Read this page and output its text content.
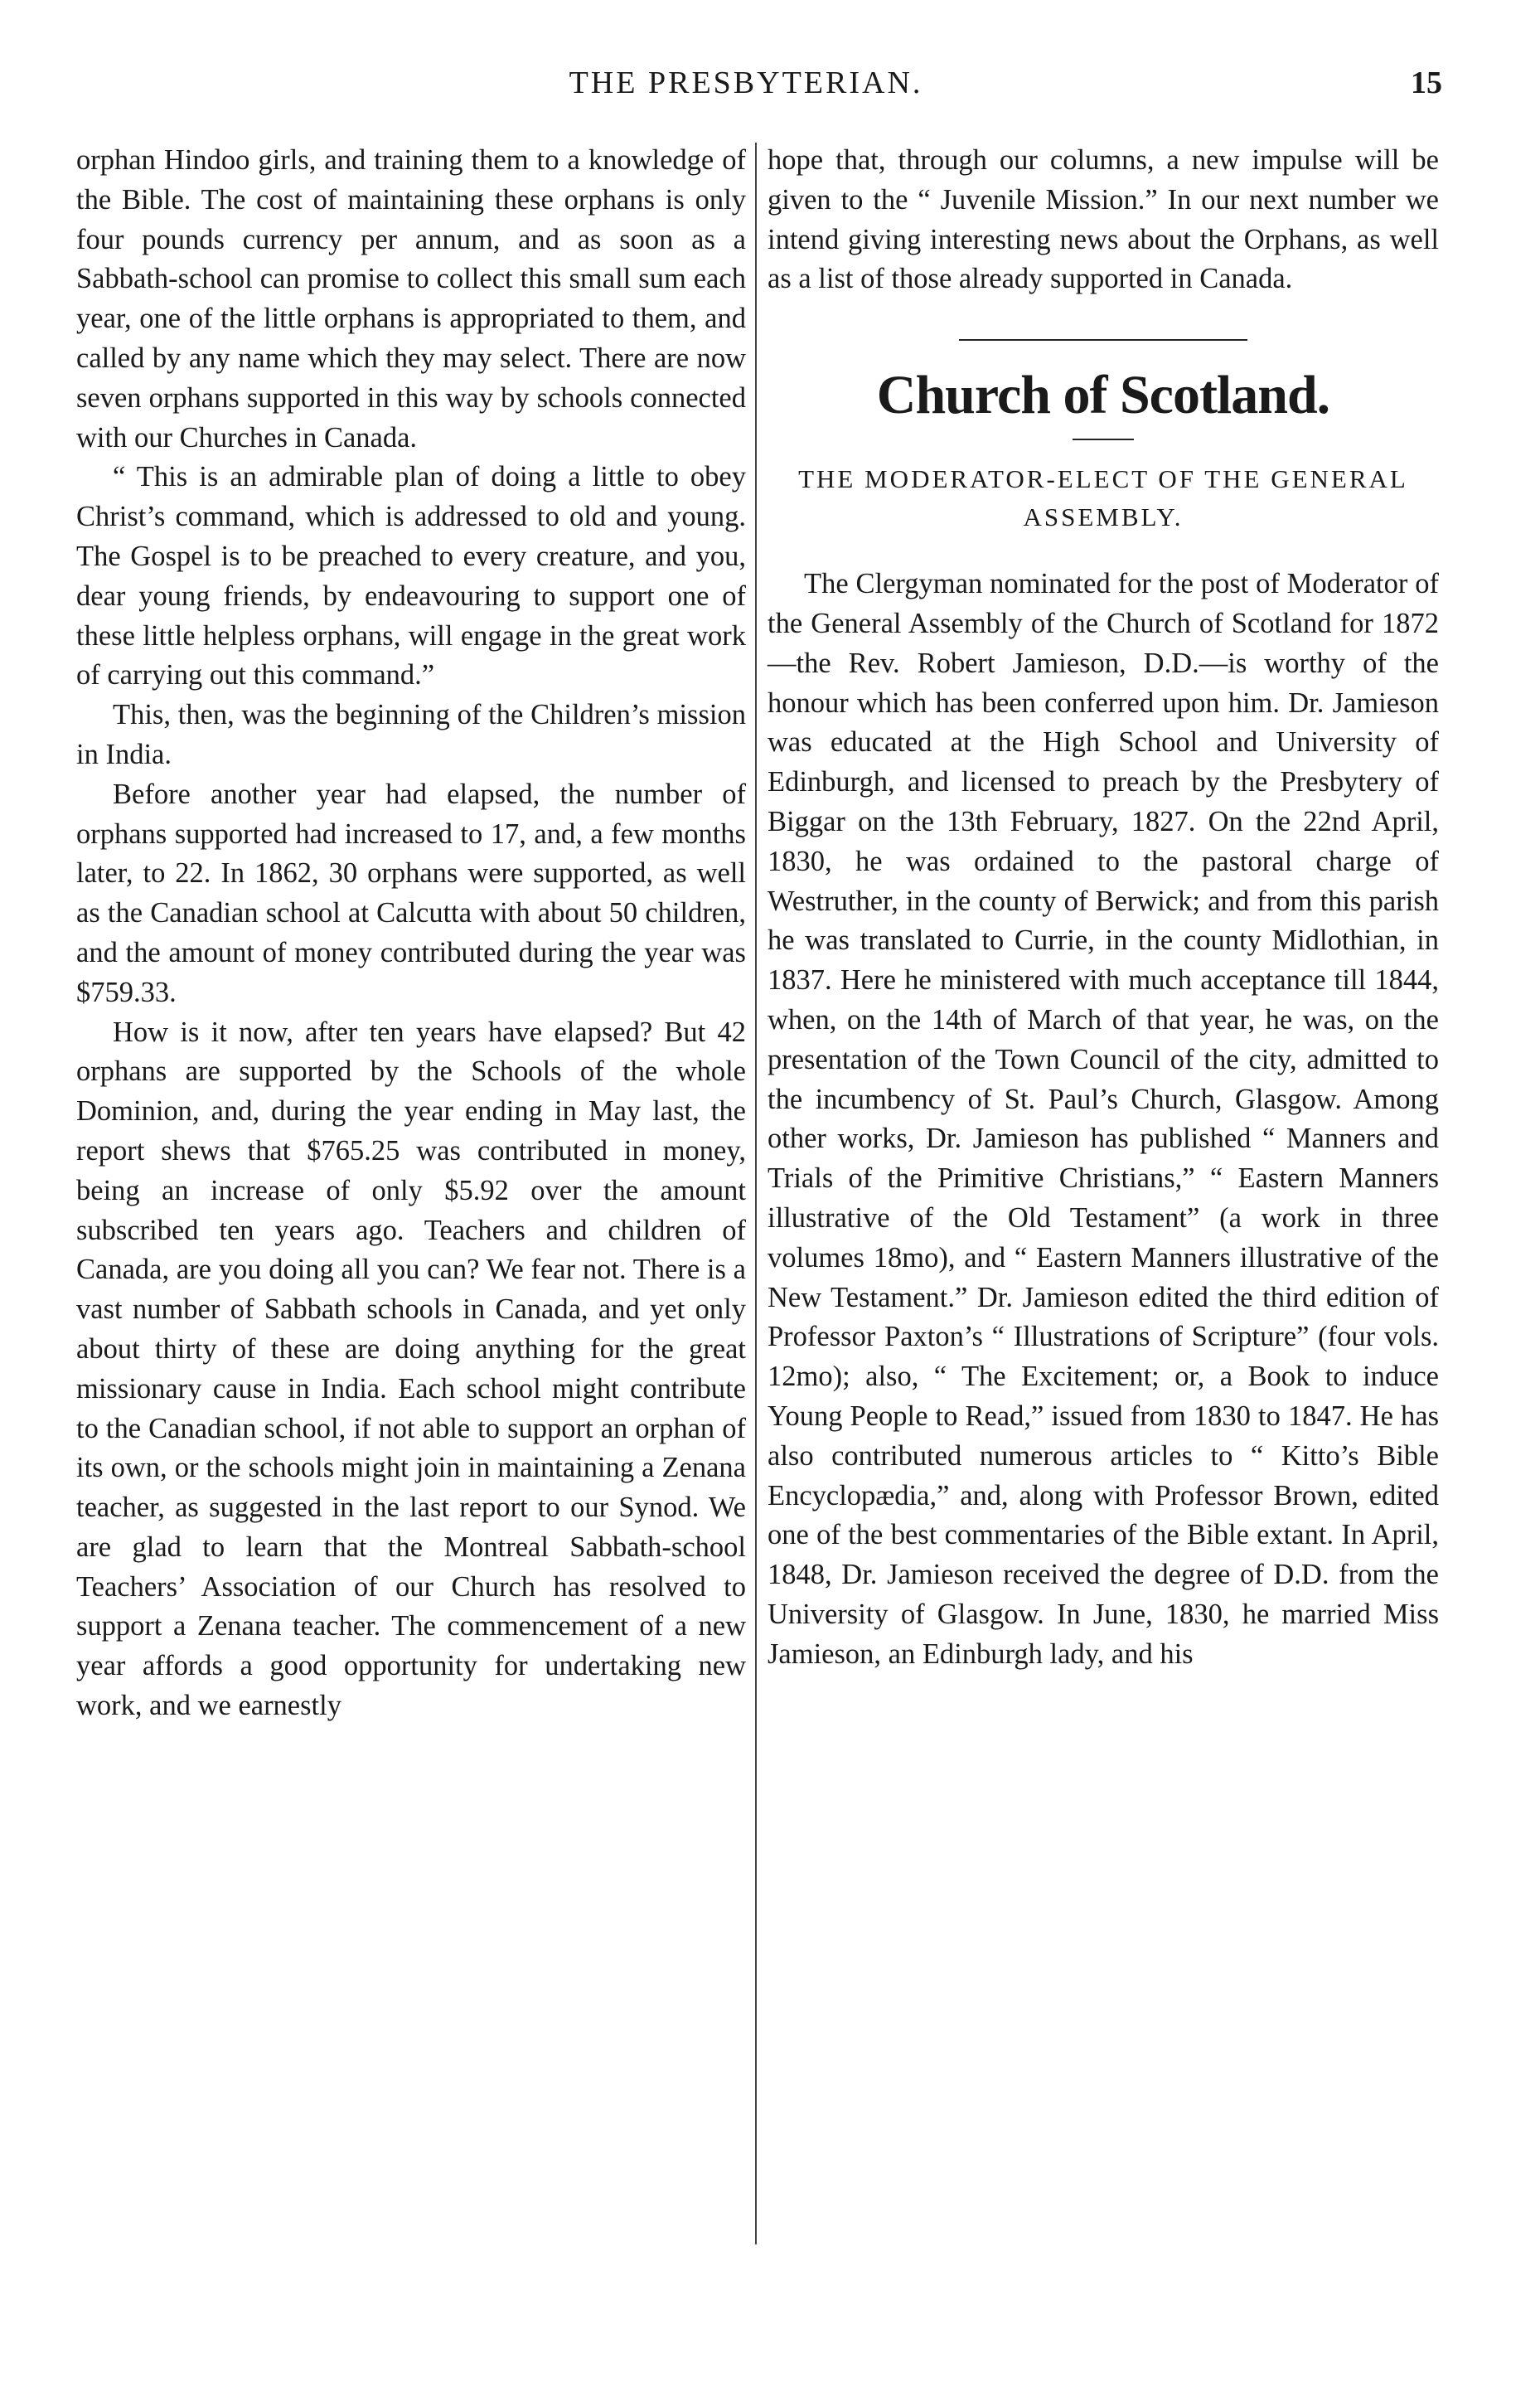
THE PRESBYTERIAN.	15

orphan Hindoo girls, and training them to a knowledge of the Bible. The cost of maintaining these orphans is only four pounds currency per annum, and as soon as a Sabbath-school can promise to collect this small sum each year, one of the little orphans is appropriated to them, and called by any name which they may select. There are now seven orphans supported in this way by schools connected with our Churches in Canada.

“ This is an admirable plan of doing a little to obey Christ’s command, which is addressed to old and young. The Gospel is to be preached to every creature, and you, dear young friends, by endeavouring to support one of these little helpless orphans, will engage in the great work of carrying out this command.”

This, then, was the beginning of the Children’s mission in India.

Before another year had elapsed, the number of orphans supported had increased to 17, and, a few months later, to 22. In 1862, 30 orphans were supported, as well as the Canadian school at Calcutta with about 50 children, and the amount of money contributed during the year was $759.33.

How is it now, after ten years have elapsed? But 42 orphans are supported by the Schools of the whole Dominion, and, during the year ending in May last, the report shews that $765.25 was contributed in money, being an increase of only $5.92 over the amount subscribed ten years ago. Teachers and children of Canada, are you doing all you can? We fear not. There is a vast number of Sabbath schools in Canada, and yet only about thirty of these are doing anything for the great missionary cause in India. Each school might contribute to the Canadian school, if not able to support an orphan of its own, or the schools might join in maintaining a Zenana teacher, as suggested in the last report to our Synod. We are glad to learn that the Montreal Sabbath-school Teachers’ Association of our Church has resolved to support a Zenana teacher. The commencement of a new year affords a good opportunity for undertaking new work, and we earnestly

hope that, through our columns, a new impulse will be given to the “ Juvenile Mission.” In our next number we intend giving interesting news about the Orphans, as well as a list of those already supported in Canada.

Church of Scotland.
THE MODERATOR-ELECT OF THE GENERAL ASSEMBLY.

The Clergyman nominated for the post of Moderator of the General Assembly of the Church of Scotland for 1872—the Rev. Robert Jamieson, D.D.—is worthy of the honour which has been conferred upon him. Dr. Jamieson was educated at the High School and University of Edinburgh, and licensed to preach by the Presbytery of Biggar on the 13th February, 1827. On the 22nd April, 1830, he was ordained to the pastoral charge of Westruther, in the county of Berwick; and from this parish he was translated to Currie, in the county Midlothian, in 1837. Here he ministered with much acceptance till 1844, when, on the 14th of March of that year, he was, on the presentation of the Town Council of the city, admitted to the incumbency of St. Paul’s Church, Glasgow. Among other works, Dr. Jamieson has published “ Manners and Trials of the Primitive Christians,” “ Eastern Manners illustrative of the Old Testament” (a work in three volumes 18mo), and “ Eastern Manners illustrative of the New Testament.” Dr. Jamieson edited the third edition of Professor Paxton’s “ Illustrations of Scripture” (four vols. 12mo); also, “ The Excitement; or, a Book to induce Young People to Read,” issued from 1830 to 1847. He has also contributed numerous articles to “ Kitto’s Bible Encyclopædia,” and, along with Professor Brown, edited one of the best commentaries of the Bible extant. In April, 1848, Dr. Jamieson received the degree of D.D. from the University of Glasgow. In June, 1830, he married Miss Jamieson, an Edinburgh lady, and his
